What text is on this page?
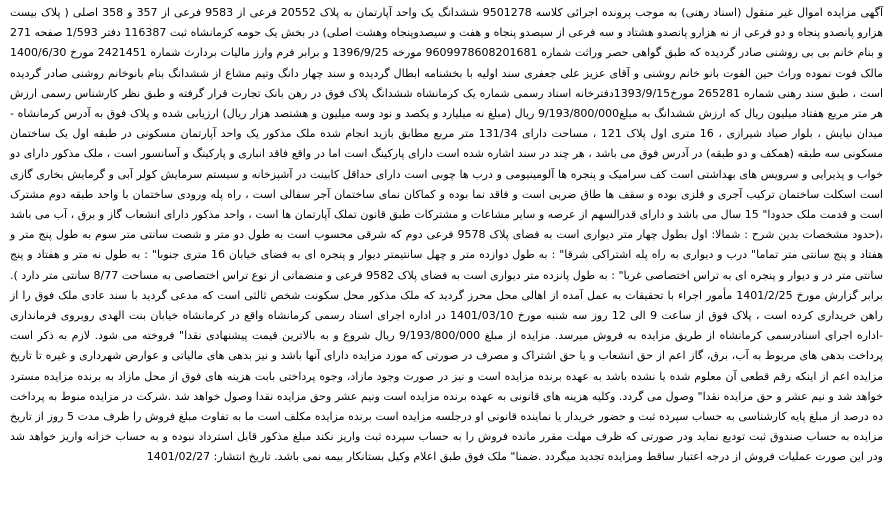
آگهی مزایده اموال غیر منقول (اسناد رهنی) به موجب پرونده اجرائی کلاسه 9501278 ششدانگ یک واحد آپارتمان به پلاک 20552 فرعی از 9583 فرعی از 357 و 358 اصلی ( پلاک بیست هزارو پانصدو پنجاه و دو فرعی از نه هزارو پانصدو هشتاد و سه فرعی از سیصدو پنجاه و هفت و سیصدوپنجاه وهشت اصلی) در بخش یک حومه کرمانشاه ثبت 116387 دفتر 1/593 صفحه 271 و بنام خانم بی بی روشنی صادر گردیده که طبق گواهی حصر وراثت شماره 9609978608201681 مورخه 1396/9/25 و برابر فرم وارز مالیات بردارث شماره 2421451 مورخ 1400/6/30 مالک فوت نموده وراث حین الفوت بانو خانم روشنی و آقای عزیز علی جعفری سند اولیه با بخشنامه ابطال گردیده و سند چهار دانگ وتیم مشاع از ششدانگ بنام بانوخانم روشنی صادر گردیده است ، طبق سند رهنی شماره 265281 مورخ1393/9/15دفترخانه اسناد رسمی شماره یک کرمانشاه ششدانگ پلاک فوق در رهن بانک تجارت قرار گرفته و طبق نظر کارشناس رسمی ارزش هر متر مربع هفتاد میلیون ریال که ارزش ششدانگ به مبلغ9/193/800/000 ریال (مبلغ نه میلیارد و یکصد و نود وسه میلیون و هشتصد هزار ریال) ارزیابی شده و پلاک فوق به آدرس کرمانشاه - میدان نیایش ، بلوار صیاد شیرازی ، 16 متری اول پلاک 121 ، مساحت دارای 131/34 متر مربع مطابق بازید انجام شده ملک مذکور یک واحد آپارتمان مسکونی در طبقه اول یک ساختمان مسکونی سه طبقه (همکف و دو طبقه) در آدرس فوق می باشد ، هر چند در سند اشاره شده است دارای پارکینگ است اما در واقع فاقد انباری و پارکینگ و آسانسور است ، ملک مذکور دارای دو خواب و پذیرایی و سرویس های بهداشتی است کف سرامیک و پنجره ها آلومینیومی و درب ها چوبی است دارای حداقل کابینت در آشپزخانه و سیستم سرمایش کولر آبی و گرمایش بخاری گازی است اسکلت ساختمان ترکیب آجری و فلزی بوده و سقف ها طاق ضربی است و فاقد نما بوده و کماکان نمای ساختمان آجر سفالی است ، راه پله ورودی ساختمان با واحد طبقه دوم مشترک است و قدمت ملک حدودا" 15 سال می باشد و دارای قدرالسهم از عرصه و سایر مشاعات و مشترکات طبق قانون تملک آپارتمان ها است ، واحد مذکور دارای انشعاب گاز و برق ، آب می باشد ،(حدود مشخصات بدین شرح : شمالا: اول بطول چهار متر دیواری است به فضای پلاک 9578 فرعی دوم که شرقی محسوب است به طول دو متر و شصت سانتی متر سوم به طول پنج متر و هفتاد و پنج سانتی متر تماما" درب و دیواری به راه پله اشتراکی شرقا" : به طول دوازده متر و چهل سانتیمتر دیوار و پنجره ای به فضای خیابان 16 متری جنوبا" : به طول نه متر و هفتاد و پنج سانتی متر در و دیوار و پنجره ای به تراس اختصاصی غربا" : به طول پانزده متر دیواری است به فضای پلاک 9582 فرعی و منضماتی از نوع تراس اختصاصی به مساحت 8/77 سانتی متر دارد ). برابر گزارش مورخ 1401/2/25 مأمور اجراء با تحقیقات به عمل آمده از اهالی محل محرز گردید که ملک مذکور محل سکونت شخص ثالثی است که مدعی گردید با سند عادی ملک فوق را از راهن خریداری کرده است ، پلاک فوق از ساعت 9 الی 12 روز سه شنبه مورخ 1401/03/10 در اداره اجرای اسناد رسمی کرمانشاه واقع در کرمانشاه خیابان بنت الهدی روبروی فرمانداری -اداره اجرای اسنادرسمی کرمانشاه از طریق مزایده به فروش میرسد. مزایده از مبلغ 9/193/800/000 ریال شروع و به بالاترین قیمت پیشنهادی نقدا" فروخته می شود. لازم به ذکر است پرداخت بدهی های مربوط به آب، برق، گاز اعم از حق انشعاب و یا حق اشتراک و مصرف در صورتی که مورد مزایده دارای آنها باشد و نیز بدهی های مالیاتی و عوارض شهرداری و غیره تا تاریخ مزایده اعم از اینکه رقم قطعی آن معلوم شده یا نشده باشد به عهده برنده مزایده است و نیز در صورت وجود مازاد، وجوه پرداختی بابت هزینه های فوق از محل مازاد به برنده مزایده مسترد خواهد شد و نیم عشر و حق مزایده نقدا" وصول می گردد. وکلیه هزینه های قانونی به عهده برنده مزایده است ونیم عشر وحق مزایده نقدا وصول خواهد شد .شرکت در مزایده منوط به پرداخت ده درصد از مبلغ پایه کارشناسی به حساب سپرده ثبت و حضور خریدار یا نماینده قانونی او درجلسه مزایده است برنده مزایده مکلف است ما به تفاوت مبلغ فروش را ظرف مدت 5 روز از تاریخ مزایده به حساب صندوق ثبت تودیع نماید ودر صورتی که ظرف مهلت مقرر مانده فروش را به حساب سپرده ثبت واریز نکند مبلغ مذکور قابل استرداد نبوده و به حساب خزانه واریز خواهد شد ودر این صورت عملیات فروش از درجه اعتبار ساقط ومزایده تجدید میگردد .ضمنا" ملک فوق طبق اعلام وکیل بستانکار بیمه نمی باشد. تاریخ انتشار: 1401/02/27
